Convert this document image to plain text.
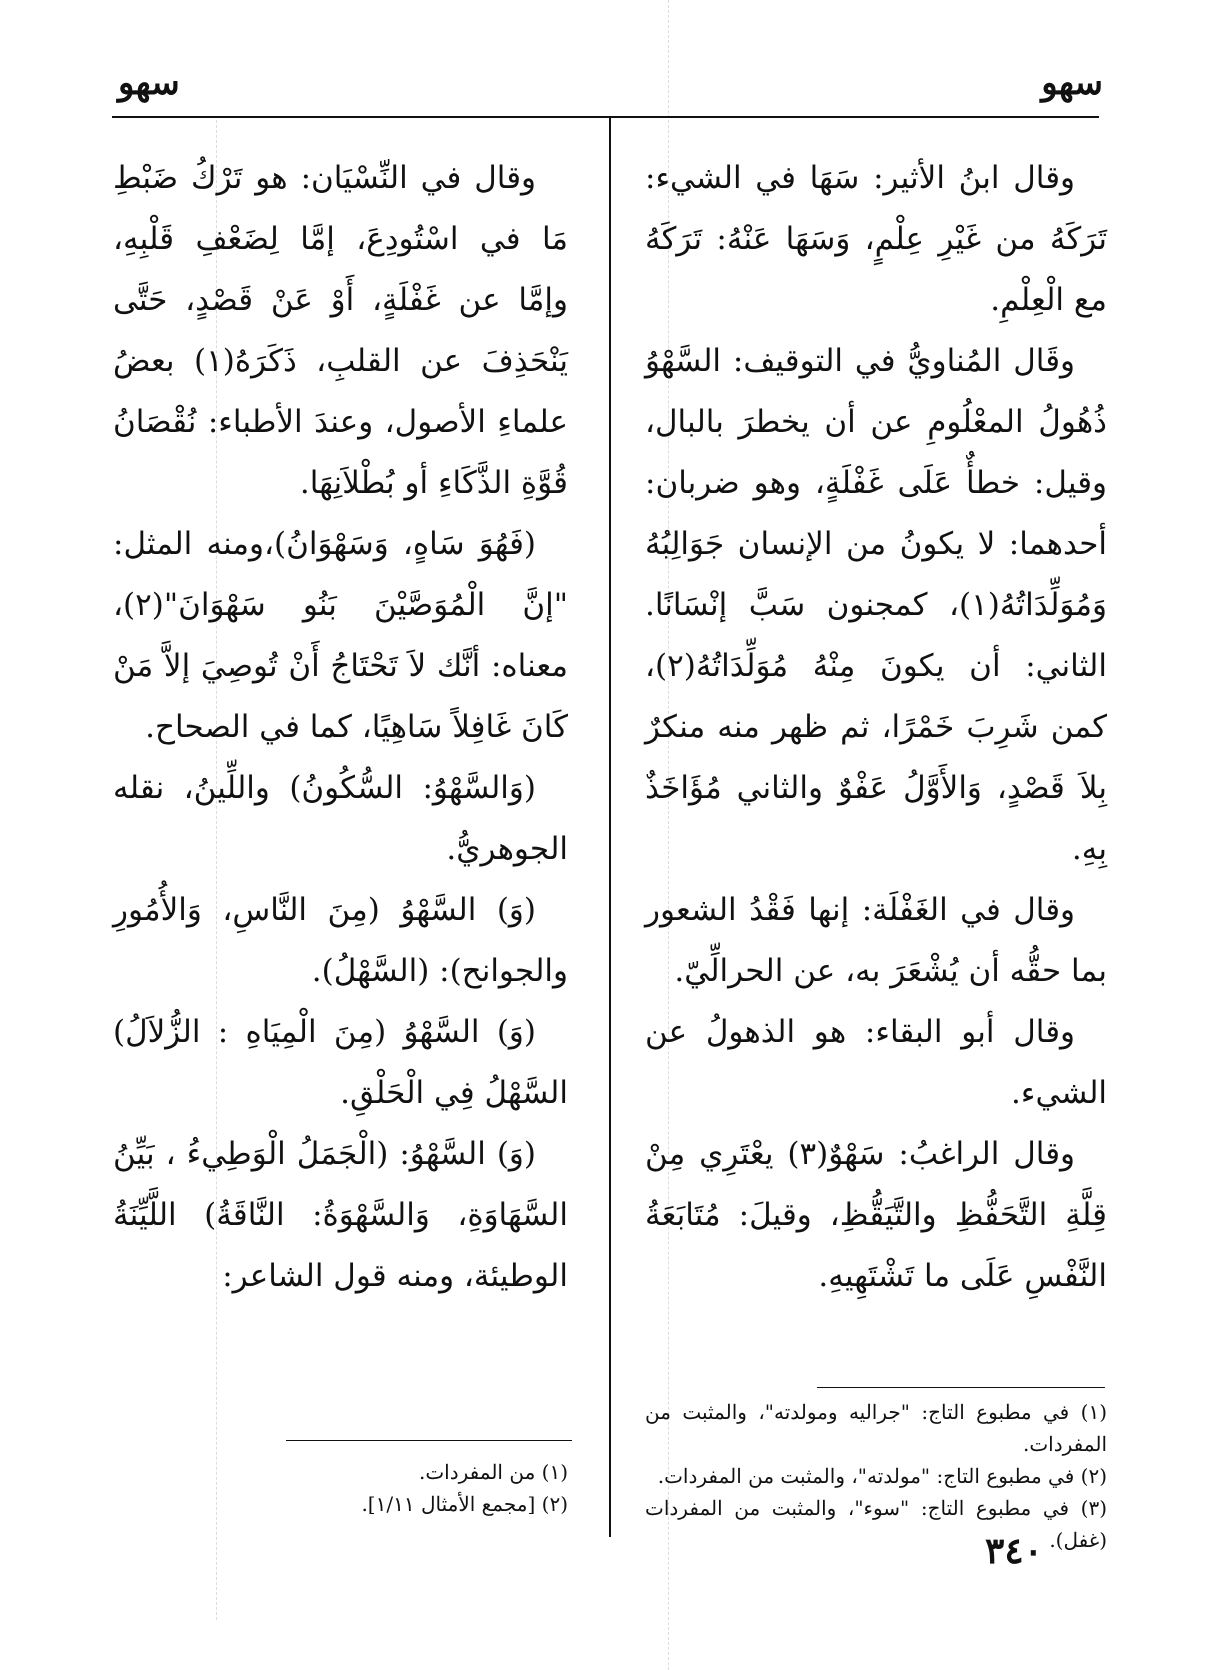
سهو
سهو

وقال ابنُ الأثير: سَهَا في الشيء: تَرَكَهُ من غَيْرِ عِلْمٍ، وَسَهَا عَنْهُ: تَرَكَهُ مع الْعِلْمِ.

وقَال المُناويُّ في التوقيف: السَّهْوُ ذُهُولُ المعْلُومِ عن أن يخطرَ بالبال، وقيل: خطأٌ عَلَى غَفْلَةٍ، وهو ضربان: أحدهما: لا يكونُ من الإنسان جَوَالِبُهُ وَمُوَلِّدَاتُهُ(١)، كمجنون سَبَّ إنْسَانًا. الثاني: أن يكونَ مِنْهُ مُوَلِّدَاتُهُ(٢)، كمن شَرِبَ خَمْرًا، ثم ظهر منه منكرٌ بِلاَ قَصْدٍ، وَالأَوَّلُ عَفْوٌ والثاني مُؤَاخَذٌ بِهِ.

وقال في الغَفْلَة: إنها فَقْدُ الشعور بما حقُّه أن يُشْعَرَ به، عن الحرالِّيّ.

وقال أبو البقاء: هو الذهولُ عن الشيء.

وقال الراغبُ: سَهْوٌ(٣) يعْتَرِي مِنْ قِلَّةِ التَّحَفُّظِ والتَّيَقُّظِ، وقيلَ: مُتَابَعَةُ النَّفْسِ عَلَى ما تَشْتَهِيهِ.

وقال في النِّسْيَان: هو تَرْكُ ضَبْطِ مَا في اسْتُودِعَ، إمَّا لِضَعْفِ قَلْبِهِ، وإمَّا عن غَفْلَةٍ، أَوْ عَنْ قَصْدٍ، حَتَّى يَنْحَذِفَ عن القلبِ، ذَكَرَهُ(١) بعضُ علماءِ الأصول، وعندَ الأطباء: نُقْصَانُ قُوَّةِ الذَّكَاءِ أو بُطْلاَنِهَا.

(فَهُوَ سَاهٍ، وَسَهْوَانُ)،ومنه المثل: "إنَّ الْمُوَصَّيْنَ بَنُو سَهْوَانَ"(٢)، معناه: أنَّك لاَ تَحْتَاجُ أَنْ تُوصِيَ إلاَّ مَنْ كَانَ غَافِلاً سَاهِيًا، كما في الصحاح.

(وَالسَّهْوُ: السُّكُونُ) واللِّينُ، نقله الجوهريُّ.

(وَ) السَّهْوُ (مِنَ النَّاسِ، وَالأُمُورِ والجوانح): (السَّهْلُ).

(وَ) السَّهْوُ (مِنَ الْمِيَاهِ : الزُّلاَلُ) السَّهْلُ فِي الْحَلْقِ.

(وَ) السَّهْوُ: (الْجَمَلُ الْوَطِيءُ ، بَيِّنُ السَّهَاوَةِ، وَالسَّهْوَةُ: النَّاقَةُ) اللَّيِّنَةُ الوطيئة، ومنه قول الشاعر:

(١) في مطبوع التاج: "جراليه ومولدته"، والمثبت من المفردات.

(٢) في مطبوع التاج: "مولدته"، والمثبت من المفردات.

(٣) في مطبوع التاج: "سوء"، والمثبت من المفردات (غفل).

(١) من المفردات.

(٢) [مجمع الأمثال ١/١١].

٣٤٠
